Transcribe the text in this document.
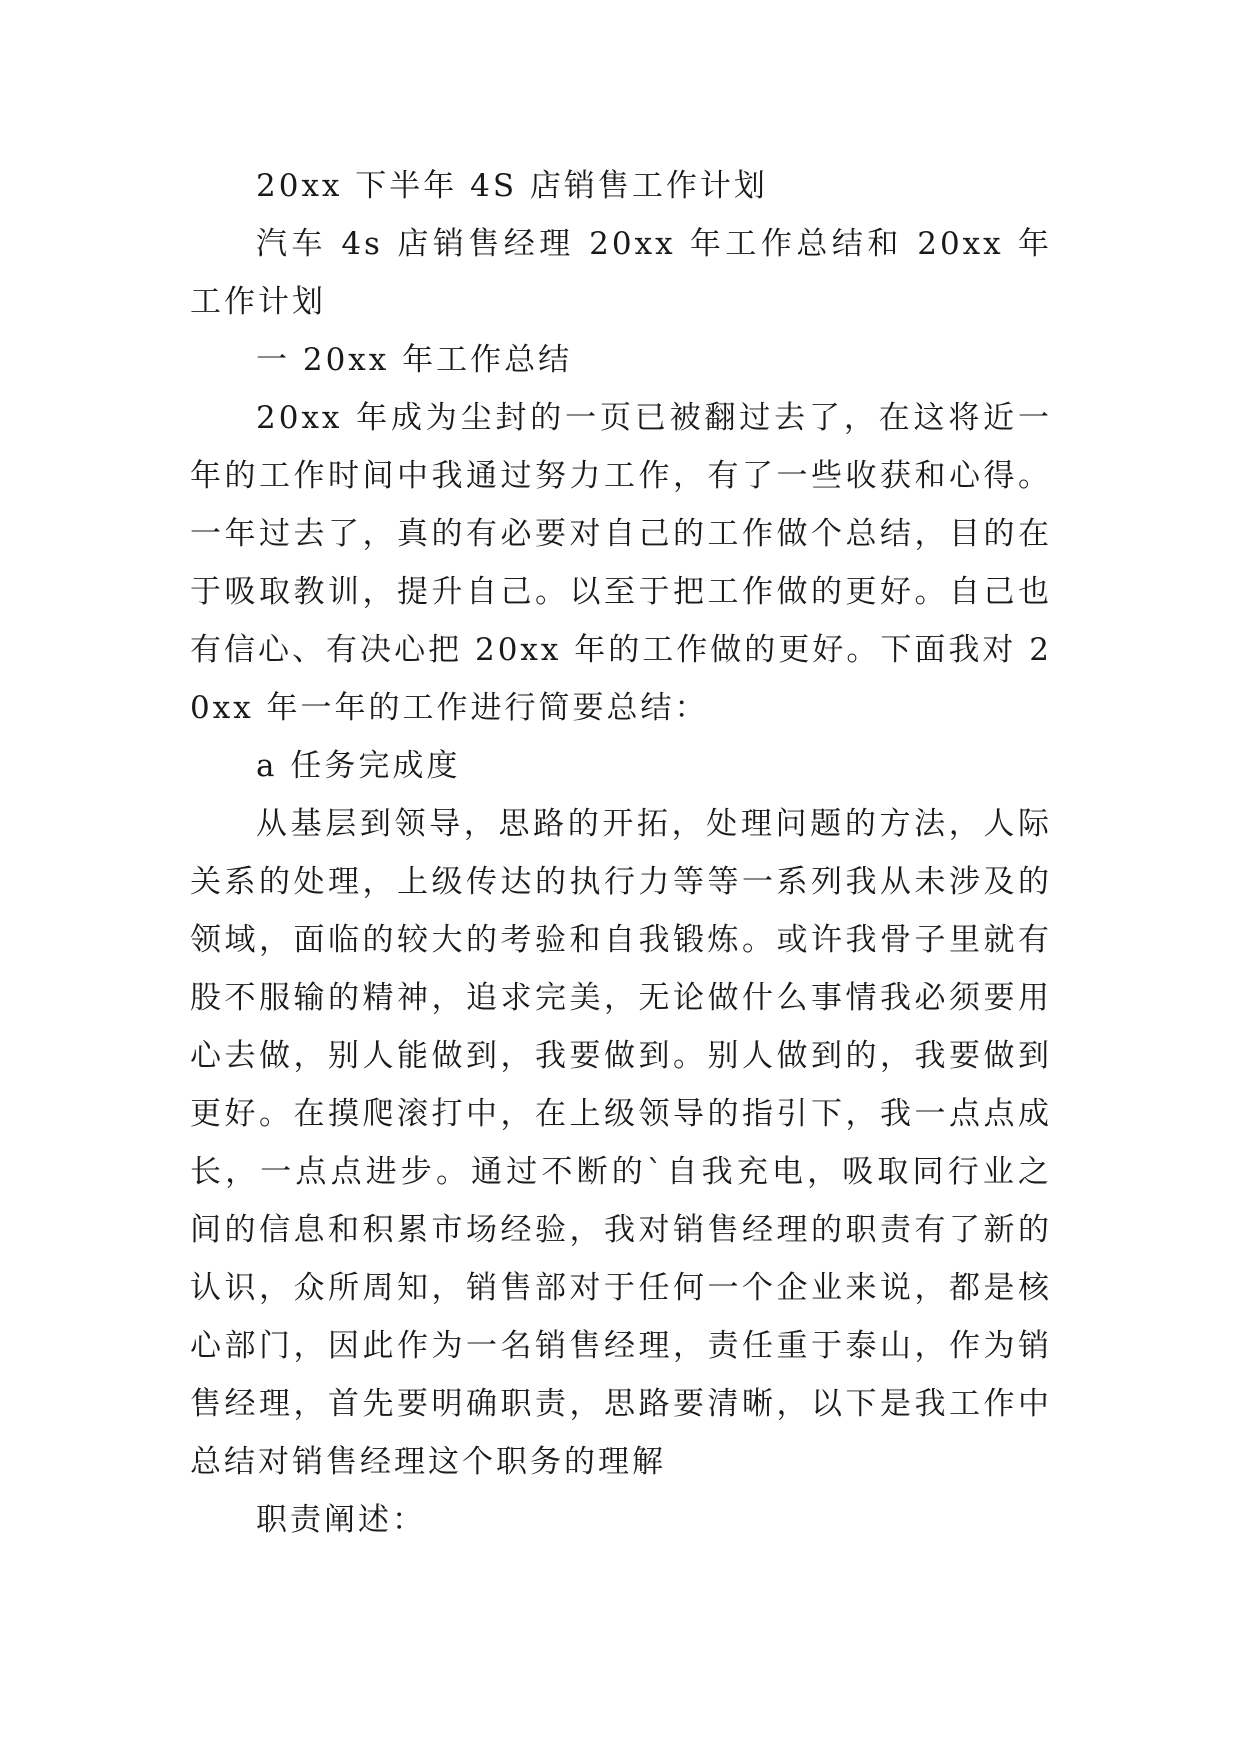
20xx 下半年 4S 店销售工作计划

汽车 4s 店销售经理 20xx 年工作总结和 20xx 年工作计划

一 20xx 年工作总结

20xx 年成为尘封的一页已被翻过去了，在这将近一年的工作时间中我通过努力工作，有了一些收获和心得。一年过去了，真的有必要对自己的工作做个总结，目的在于吸取教训，提升自己。以至于把工作做的更好。自己也有信心、有决心把 20xx 年的工作做的更好。下面我对 20xx 年一年的工作进行简要总结：

a 任务完成度

从基层到领导，思路的开拓，处理问题的方法，人际关系的处理，上级传达的执行力等等一系列我从未涉及的领域，面临的较大的考验和自我锻炼。或许我骨子里就有股不服输的精神，追求完美，无论做什么事情我必须要用心去做，别人能做到，我要做到。别人做到的，我要做到更好。在摸爬滚打中，在上级领导的指引下，我一点点成长，一点点进步。通过不断的`自我充电，吸取同行业之间的信息和积累市场经验，我对销售经理的职责有了新的认识，众所周知，销售部对于任何一个企业来说，都是核心部门，因此作为一名销售经理，责任重于泰山，作为销售经理，首先要明确职责，思路要清晰，以下是我工作中总结对销售经理这个职务的理解

职责阐述：
